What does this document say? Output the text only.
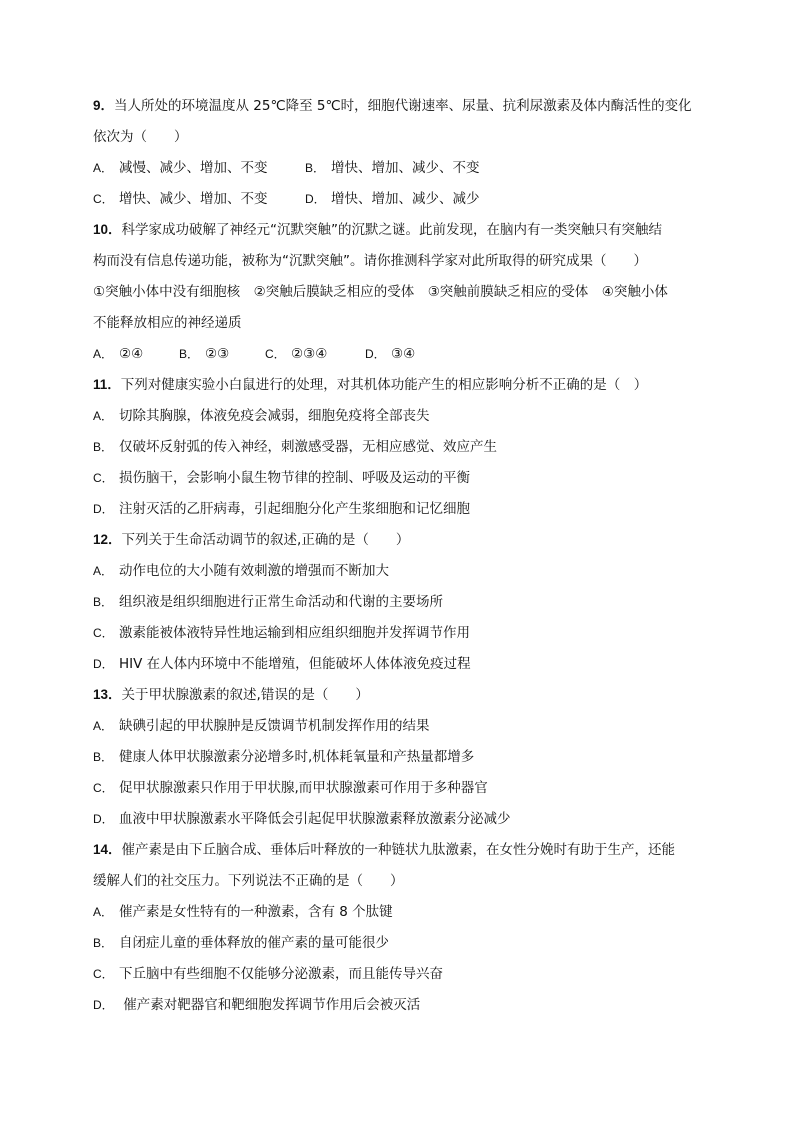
9．当人所处的环境温度从 25℃降至 5℃时，细胞代谢速率、尿量、抗利尿激素及体内酶活性的变化
依次为（　　）
A． 减慢、减少、增加、不变	B． 增快、增加、减少、不变
C． 增快、减少、增加、不变	D． 增快、增加、减少、减少
10．科学家成功破解了神经元“沉默突触”的沉默之谜。此前发现，在脑内有一类突触只有突触结
构而没有信息传递功能，被称为“沉默突触”。请你推测科学家对此所取得的研究成果（　　）
①突触小体中没有细胞核　②突触后膜缺乏相应的受体　③突触前膜缺乏相应的受体　④突触小体
不能释放相应的神经递质
A． ②④	B． ②③	C． ②③④	D． ③④
11．下列对健康实验小白鼠进行的处理，对其机体功能产生的相应影响分析不正确的是（　）
A． 切除其胸腺，体液免疫会减弱，细胞免疫将全部丧失
B． 仅破坏反射弧的传入神经，刺激感受器，无相应感觉、效应产生
C． 损伤脑干，会影响小鼠生物节律的控制、呼吸及运动的平衡
D． 注射灭活的乙肝病毒，引起细胞分化产生浆细胞和记忆细胞
12．下列关于生命活动调节的叙述,正确的是（　　）
A． 动作电位的大小随有效刺激的增强而不断加大
B． 组织液是组织细胞进行正常生命活动和代谢的主要场所
C． 激素能被体液特异性地运输到相应组织细胞并发挥调节作用
D． HIV 在人体内环境中不能增殖，但能破坏人体体液免疫过程
13．关于甲状腺激素的叙述,错误的是（　　）
A． 缺碘引起的甲状腺肿是反馈调节机制发挥作用的结果
B． 健康人体甲状腺激素分泌增多时,机体耗氧量和产热量都增多
C． 促甲状腺激素只作用于甲状腺,而甲状腺激素可作用于多种器官
D． 血液中甲状腺激素水平降低会引起促甲状腺激素释放激素分泌减少
14．催产素是由下丘脑合成、垂体后叶释放的一种链状九肽激素，在女性分娩时有助于生产，还能
缓解人们的社交压力。下列说法不正确的是（　　）
A． 催产素是女性特有的一种激素，含有 8 个肽键
B． 自闭症儿童的垂体释放的催产素的量可能很少
C． 下丘脑中有些细胞不仅能够分泌激素，而且能传导兴奋
D． 催产素对靶器官和靶细胞发挥调节作用后会被灭活
